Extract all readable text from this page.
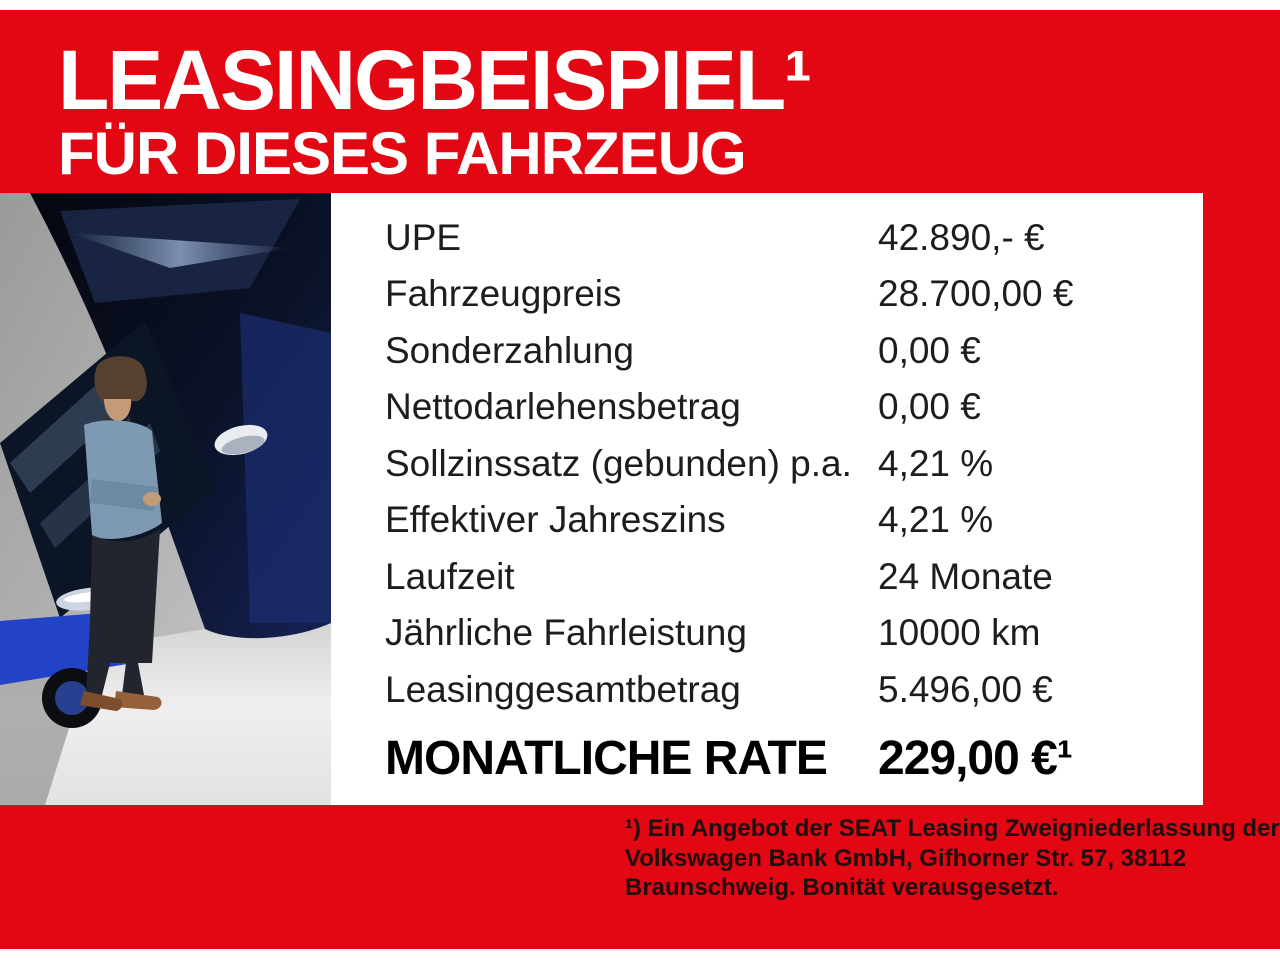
LEASINGBEISPIEL¹
FÜR DIESES FAHRZEUG
UPE	42.890,- €
Fahrzeugpreis	28.700,00 €
Sonderzahlung	0,00 €
Nettodarlehensbetrag	0,00 €
Sollzinssatz (gebunden) p.a. 4,21 %
Effektiver Jahreszins	4,21 %
Laufzeit	24 Monate
Jährliche Fahrleistung	10000 km
Leasinggesamtbetrag	5.496,00 €
MONATLICHE RATE	229,00 €¹
¹) Ein Angebot der SEAT Leasing Zweigniederlassung der
Volkswagen Bank GmbH, Gifhorner Str. 57, 38112
Braunschweig. Bonität verausgesetzt.
